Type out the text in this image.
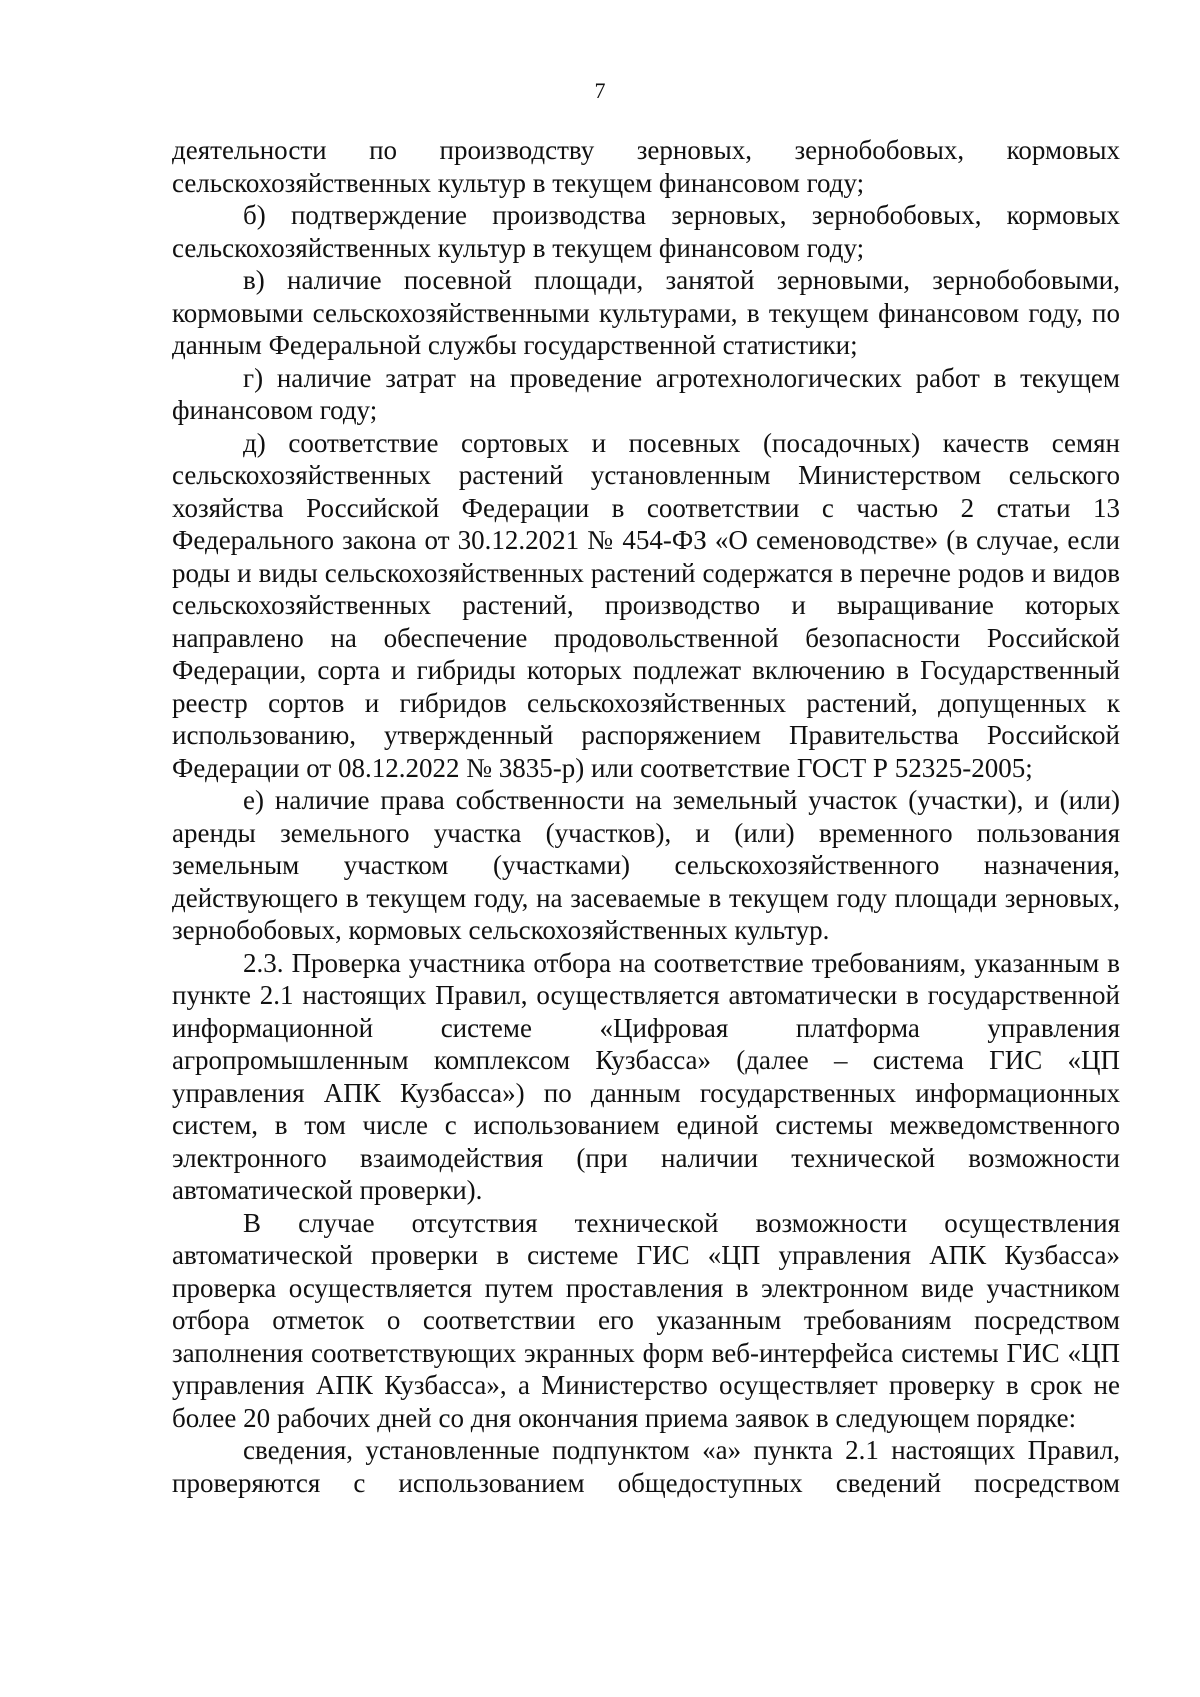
7

деятельности по производству зерновых, зернобобовых, кормовых сельскохозяйственных культур в текущем финансовом году;

б) подтверждение производства зерновых, зернобобовых, кормовых сельскохозяйственных культур в текущем финансовом году;

в) наличие посевной площади, занятой зерновыми, зернобобовыми, кормовыми сельскохозяйственными культурами, в текущем финансовом году, по данным Федеральной службы государственной статистики;

г) наличие затрат на проведение агротехнологических работ в текущем финансовом году;

д) соответствие сортовых и посевных (посадочных) качеств семян сельскохозяйственных растений установленным Министерством сельского хозяйства Российской Федерации в соответствии с частью 2 статьи 13 Федерального закона от 30.12.2021 № 454-ФЗ «О семеноводстве» (в случае, если роды и виды сельскохозяйственных растений содержатся в перечне родов и видов сельскохозяйственных растений, производство и выращивание которых направлено на обеспечение продовольственной безопасности Российской Федерации, сорта и гибриды которых подлежат включению в Государственный реестр сортов и гибридов сельскохозяйственных растений, допущенных к использованию, утвержденный распоряжением Правительства Российской Федерации от 08.12.2022 № 3835-р) или соответствие ГОСТ Р 52325-2005;

е) наличие права собственности на земельный участок (участки), и (или) аренды земельного участка (участков), и (или) временного пользования земельным участком (участками) сельскохозяйственного назначения, действующего в текущем году, на засеваемые в текущем году площади зерновых, зернобобовых, кормовых сельскохозяйственных культур.

2.3. Проверка участника отбора на соответствие требованиям, указанным в пункте 2.1 настоящих Правил, осуществляется автоматически в государственной информационной системе «Цифровая платформа управления агропромышленным комплексом Кузбасса» (далее – система ГИС «ЦП управления АПК Кузбасса») по данным государственных информационных систем, в том числе с использованием единой системы межведомственного электронного взаимодействия (при наличии технической возможности автоматической проверки).

В случае отсутствия технической возможности осуществления автоматической проверки в системе ГИС «ЦП управления АПК Кузбасса» проверка осуществляется путем проставления в электронном виде участником отбора отметок о соответствии его указанным требованиям посредством заполнения соответствующих экранных форм веб-интерфейса системы ГИС «ЦП управления АПК Кузбасса», а Министерство осуществляет проверку в срок не более 20 рабочих дней со дня окончания приема заявок в следующем порядке:

сведения, установленные подпунктом «а» пункта 2.1 настоящих Правил, проверяются с использованием общедоступных сведений посредством
